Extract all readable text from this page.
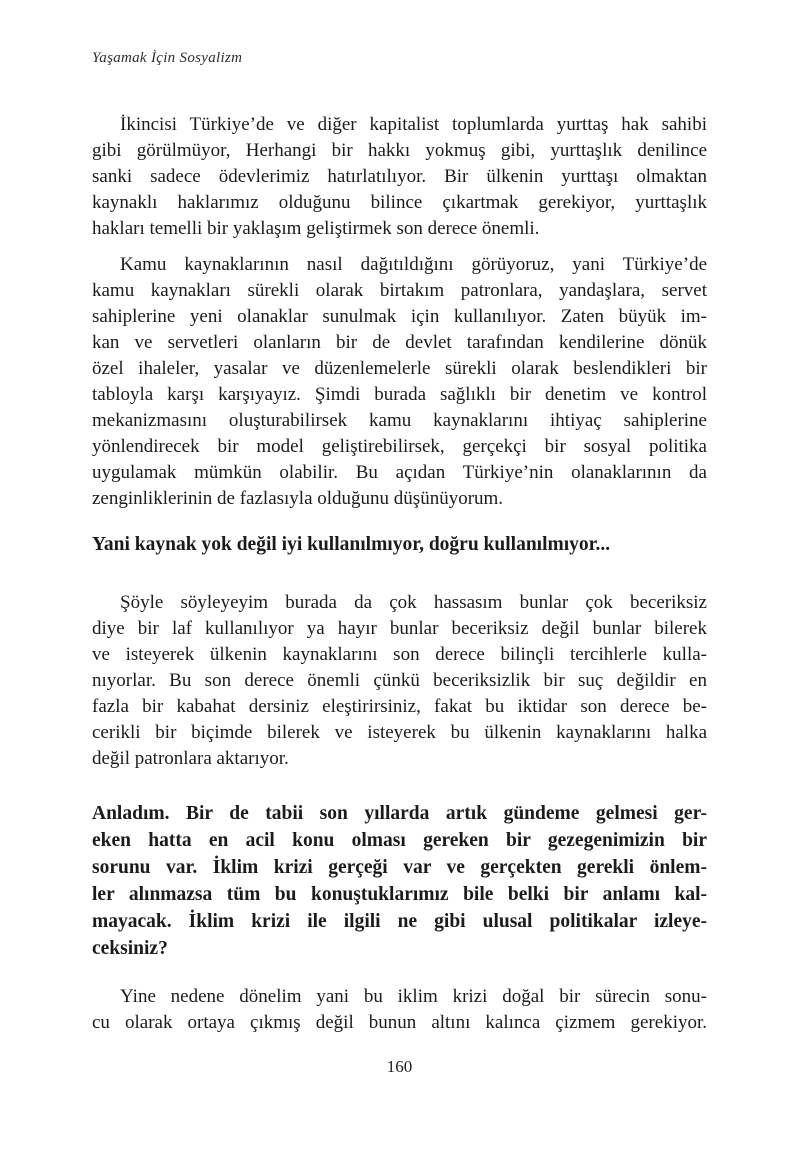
Yaşamak İçin Sosyalizm
İkincisi Türkiye’de ve diğer kapitalist toplumlarda yurttaş hak sahibi
gibi görülmüyor, Herhangi bir hakkı yokmuş gibi, yurttaşlık denilince
sanki sadece ödevlerimiz hatırlatılıyor. Bir ülkenin yurttaşı olmaktan
kaynaklı haklarımız olduğunu bilince çıkartmak gerekiyor, yurttaşlık
hakları temelli bir yaklaşım geliştirmek son derece önemli.
Kamu kaynaklarının nasıl dağıtıldığını görüyoruz, yani Türkiye’de
kamu kaynakları sürekli olarak birtakım patronlara, yandaşlara, servet
sahiplerine yeni olanaklar sunulmak için kullanılıyor. Zaten büyük im-
kan ve servetleri olanların bir de devlet tarafından kendilerine dönük
özel ihaleler, yasalar ve düzenlemelerle sürekli olarak beslendikleri bir
tabloyla karşı karşıyayız. Şimdi burada sağlıklı bir denetim ve kontrol
mekanizmasını oluşturabilirsek kamu kaynaklarını ihtiyaç sahiplerine
yönlendirecek bir model geliştirebilirsek, gerçekçi bir sosyal politika
uygulamak mümkün olabilir. Bu açıdan Türkiye’nin olanaklarının da
zenginliklerinin de fazlasıyla olduğunu düşünüyorum.
Yani kaynak yok değil iyi kullanılmıyor, doğru kullanılmıyor...
Şöyle söyleyeyim burada da çok hassasım bunlar çok beceriksiz
diye bir laf kullanılıyor ya hayır bunlar beceriksiz değil bunlar bilerek
ve isteyerek ülkenin kaynaklarını son derece bilinçli tercihlerle kulla-
nıyorlar. Bu son derece önemli çünkü beceriksizlik bir suç değildir en
fazla bir kabahat dersiniz eleştirirsiniz, fakat bu iktidar son derece be-
cerikli bir biçimde bilerek ve isteyerek bu ülkenin kaynaklarını halka
değil patronlara aktarıyor.
Anladım. Bir de tabii son yıllarda artık gündeme gelmesi ger-
eken hatta en acil konu olması gereken bir gezegenimizin bir
sorunu var. İklim krizi gerçeği var ve gerçekten gerekli önlem-
ler alınmazsa tüm bu konuştuklarımız bile belki bir anlamı kal-
mayacak. İklim krizi ile ilgili ne gibi ulusal politikalar izleye-
ceksiniz?
Yine nedene dönelim yani bu iklim krizi doğal bir sürecin sonu-
cu olarak ortaya çıkmış değil bunun altını kalınca çizmem gerekiyor.
160
